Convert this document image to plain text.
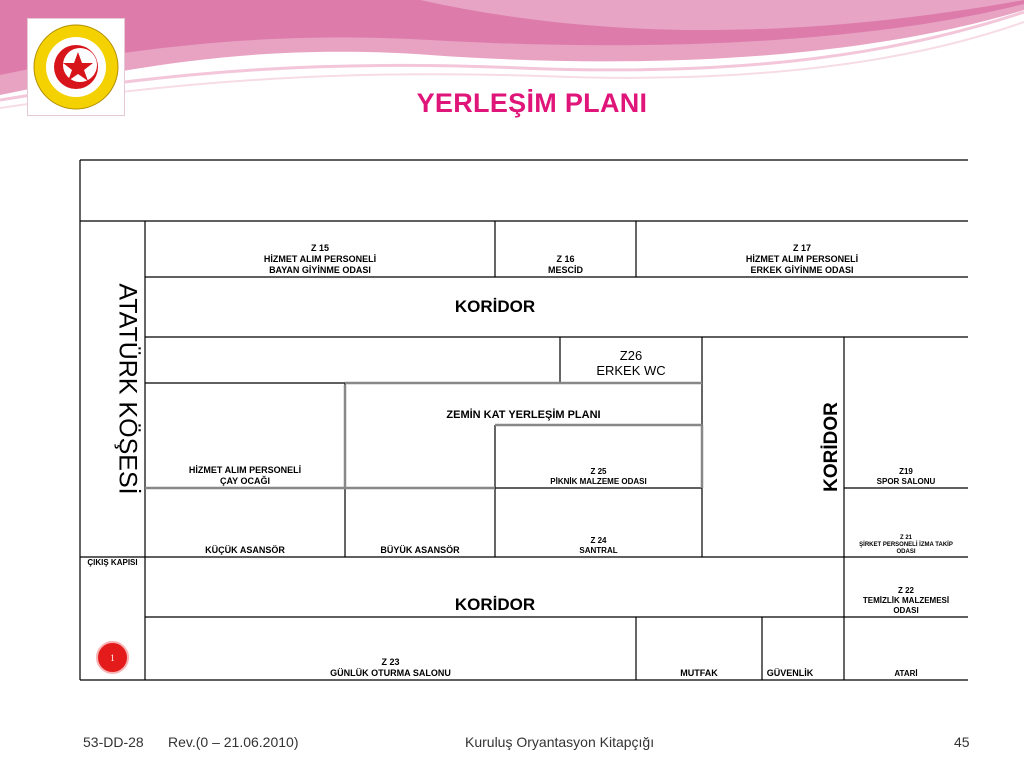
YERLEŞİM PLANI
ATATÜRK KÖŞESİ
Z 15
HİZMET ALIM PERSONELİ
BAYAN GİYİNME ODASI
Z 16
MESCİD
Z 17
HİZMET ALIM PERSONELİ
ERKEK GİYİNME ODASI
KORİDOR
Z26
ERKEK WC
KORİDOR
ZEMİN KAT YERLEŞİM PLANI
HİZMET ALIM PERSONELİ
ÇAY OCAĞI
Z 25
PİKNİK MALZEME ODASI
Z19
SPOR SALONU
KÜÇÜK ASANSÖR	BÜYÜK ASANSÖR
Z 24
SANTRAL
Z 21
ŞİRKET PERSONELİ İZMA TAKİP
ODASI
ÇIKIŞ KAPISI
KORİDOR
Z 22
TEMİZLİK MALZEMESİ
ODASI
Z 23
GÜNLÜK OTURMA SALONU	MUTFAK	GÜVENLİK	ATARİ
1
53-DD-28 Rev.(0 – 21.06.2010)	Kuruluş Oryantasyon Kitapçığı	45
